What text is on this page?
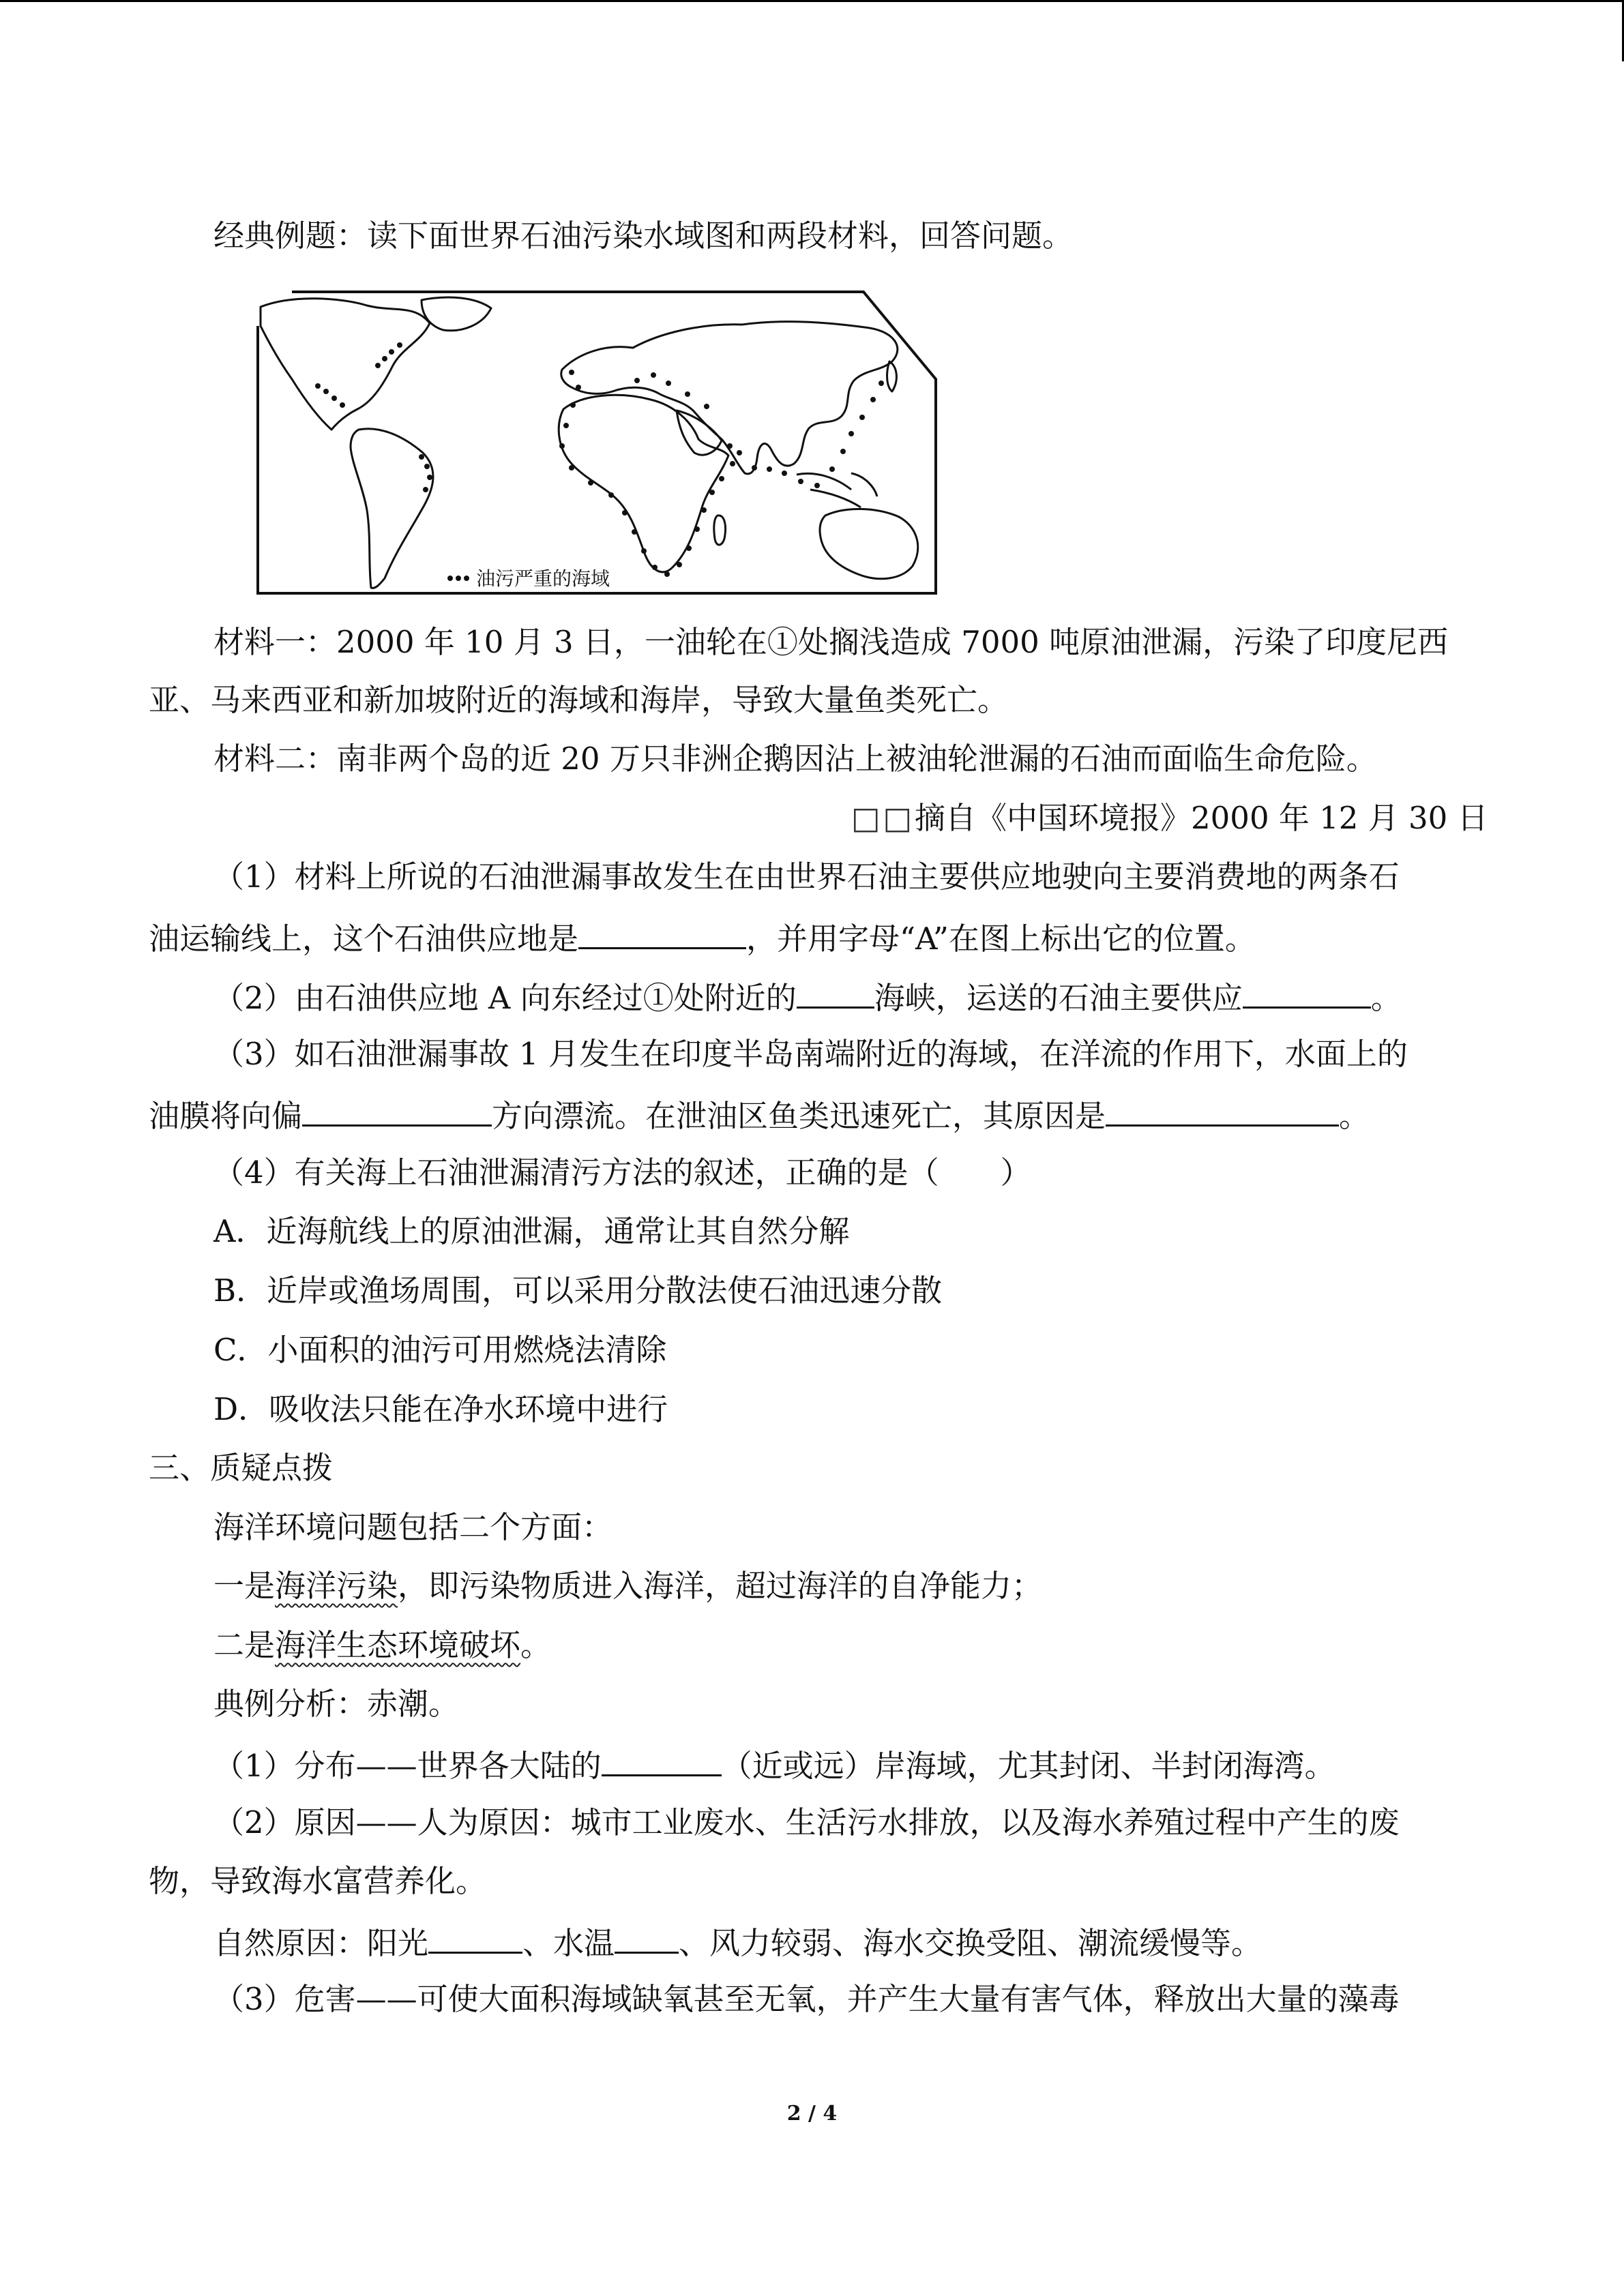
经典例题：读下面世界石油污染水域图和两段材料，回答问题。
油污严重的海域
材料一：2000 年 10 月 3 日，一油轮在①处搁浅造成 7000 吨原油泄漏，污染了印度尼西
亚、马来西亚和新加坡附近的海域和海岸，导致大量鱼类死亡。
材料二：南非两个岛的近 20 万只非洲企鹅因沾上被油轮泄漏的石油而面临生命危险。
□□摘自《中国环境报》2000 年 12 月 30 日
（1）材料上所说的石油泄漏事故发生在由世界石油主要供应地驶向主要消费地的两条石
油运输线上，这个石油供应地是	，并用字母“A”在图上标出它的位置。
（2）由石油供应地 A 向东经过①处附近的	海峡，运送的石油主要供应	。
（3）如石油泄漏事故 1 月发生在印度半岛南端附近的海域，在洋流的作用下，水面上的
油膜将向偏	方向漂流。在泄油区鱼类迅速死亡，其原因是	。
（4）有关海上石油泄漏清污方法的叙述，正确的是（　　）
A．近海航线上的原油泄漏，通常让其自然分解
B．近岸或渔场周围，可以采用分散法使石油迅速分散
C．小面积的油污可用燃烧法清除
D．吸收法只能在净水环境中进行
三、质疑点拨
海洋环境问题包括二个方面：
一是海洋污染，即污染物质进入海洋，超过海洋的自净能力；
二是海洋生态环境破坏。
典例分析：赤潮。
（1）分布——世界各大陆的	（近或远）岸海域，尤其封闭、半封闭海湾。
（2）原因——人为原因：城市工业废水、生活污水排放，以及海水养殖过程中产生的废
物，导致海水富营养化。
自然原因：阳光	、水温 、风力较弱、海水交换受阻、潮流缓慢等。
（3）危害——可使大面积海域缺氧甚至无氧，并产生大量有害气体，释放出大量的藻毒
2 / 4
